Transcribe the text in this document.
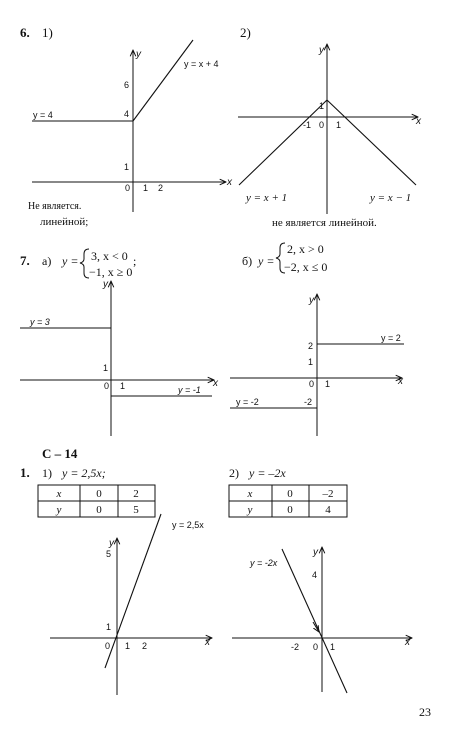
6. 1)
y
x
y = 4
y = x + 4
6
4
1
0 1 2
Не является.
линейной;
2)
y
x
1
-1 0 1
y = x + 1	y = x − 1
не является линейной.
7. а) y = 3, x < 0
−1, x ≥ 0
;
y
x
y = 3
y = -1
1
0 1
б) y =
2, x > 0
−2, x ≤ 0
y
x
y = 2
y = -2
2
1
0 1
-2
С – 14
1. 1) y = 2,5x;
x	0	2
y	0	5
y
x
y = 2,5x
5
1
0 1 2
2) y = –2x
x	0	–2
y	0	4
y
x
y = -2x
4
-2 0 1
23
